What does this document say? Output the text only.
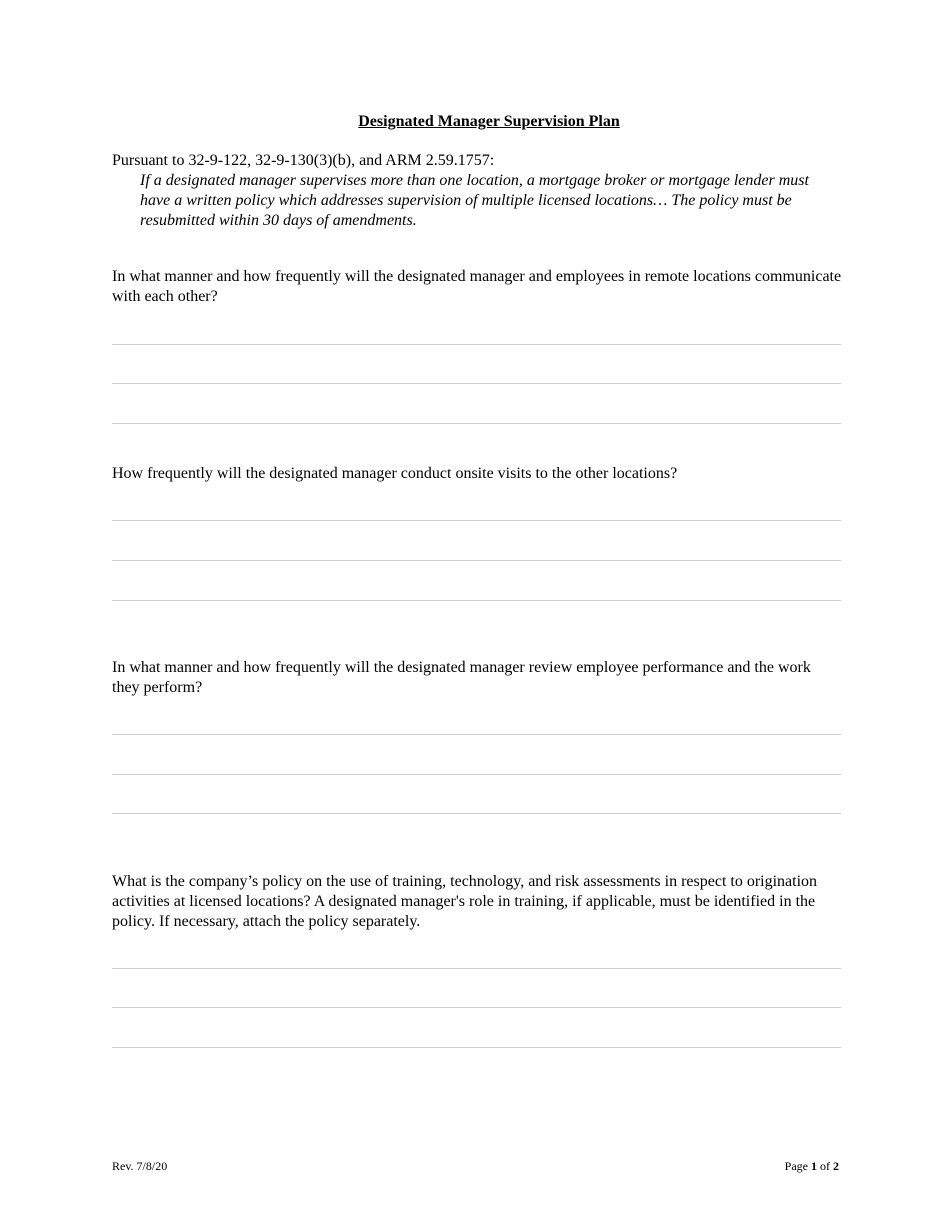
Designated Manager Supervision Plan
Pursuant to 32-9-122, 32-9-130(3)(b), and ARM 2.59.1757:
If a designated manager supervises more than one location, a mortgage broker or mortgage lender must have a written policy which addresses supervision of multiple licensed locations… The policy must be resubmitted within 30 days of amendments.
In what manner and how frequently will the designated manager and employees in remote locations communicate with each other?
How frequently will the designated manager conduct onsite visits to the other locations?
In what manner and how frequently will the designated manager review employee performance and the work they perform?
What is the company’s policy on the use of training, technology, and risk assessments in respect to origination activities at licensed locations? A designated manager's role in training, if applicable, must be identified in the policy. If necessary, attach the policy separately.
Rev. 7/8/20	Page 1 of 2
